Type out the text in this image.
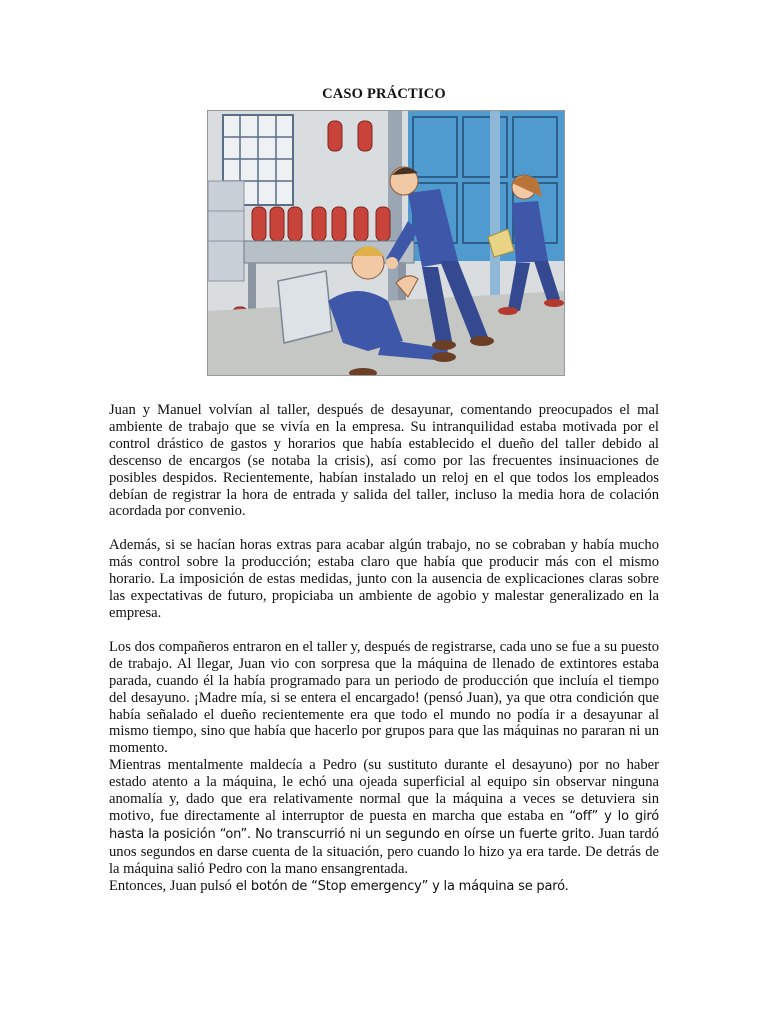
CASO PRÁCTICO

Juan y Manuel volvían al taller, después de desayunar, comentando preocupados el mal ambiente de trabajo que se vivía en la empresa. Su intranquilidad estaba motivada por el control drástico de gastos y horarios que había establecido el dueño del taller debido al descenso de encargos (se notaba la crisis), así como por las frecuentes insinuaciones de posibles despidos. Recientemente, habían instalado un reloj en el que todos los empleados debían de registrar la hora de entrada y salida del taller, incluso la media hora de colación acordada por convenio.

Además, si se hacían horas extras para acabar algún trabajo, no se cobraban y había mucho más control sobre la producción; estaba claro que había que producir más con el mismo horario. La imposición de estas medidas, junto con la ausencia de explicaciones claras sobre las expectativas de futuro, propiciaba un ambiente de agobio y malestar generalizado en la empresa.

Los dos compañeros entraron en el taller y, después de registrarse, cada uno se fue a su puesto de trabajo. Al llegar, Juan vio con sorpresa que la máquina de llenado de extintores estaba parada, cuando él la había programado para un periodo de producción que incluía el tiempo del desayuno. ¡Madre mía, si se entera el encargado! (pensó Juan), ya que otra condición que había señalado el dueño recientemente era que todo el mundo no podía ir a desayunar al mismo tiempo, sino que había que hacerlo por grupos para que las máquinas no pararan ni un momento.

Mientras mentalmente maldecía a Pedro (su sustituto durante el desayuno) por no haber estado atento a la máquina, le echó una ojeada superficial al equipo sin observar ninguna anomalía y, dado que era relativamente normal que la máquina a veces se detuviera sin motivo, fue directamente al interruptor de puesta en marcha que estaba en “off” y lo giró hasta la posición “on”. No transcurrió ni un segundo en oírse un fuerte grito. Juan tardó unos segundos en darse cuenta de la situación, pero cuando lo hizo ya era tarde. De detrás de la máquina salió Pedro con la mano ensangrentada.

Entonces, Juan pulsó el botón de “Stop emergency” y la máquina se paró.
